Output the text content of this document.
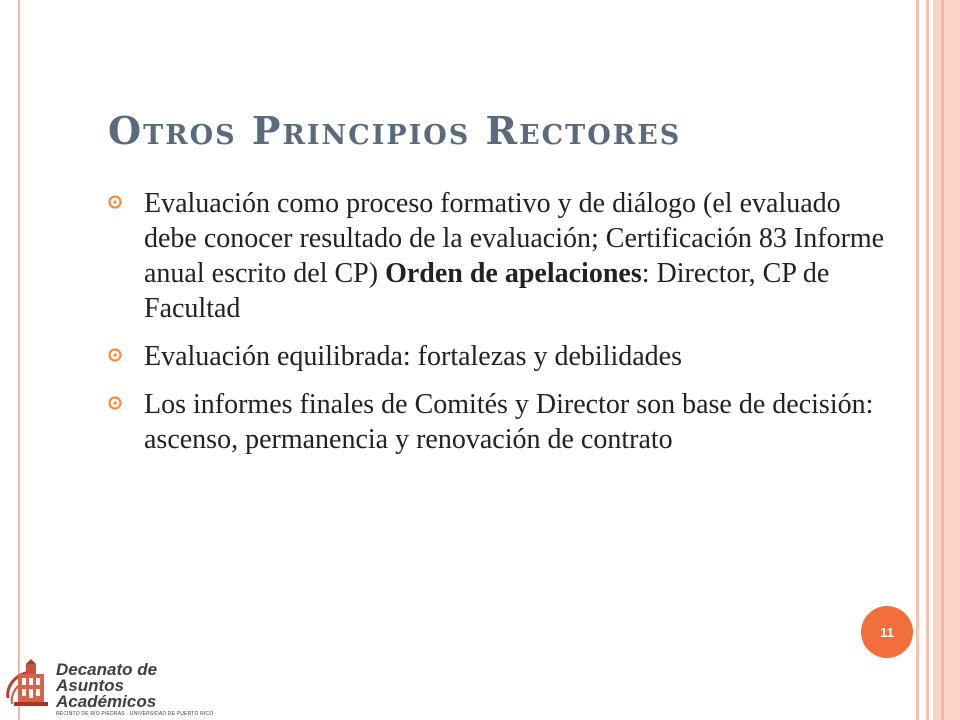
Otros Principios Rectores
Evaluación como proceso formativo y de diálogo (el evaluado debe conocer resultado de la evaluación; Certificación 83 Informe anual escrito del CP) Orden de apelaciones: Director, CP de Facultad
Evaluación equilibrada: fortalezas y debilidades
Los informes finales de Comités y Director son base de decisión: ascenso, permanencia y renovación de contrato
11
Decanato de
Asuntos Académicos
RECINTO DE RÍO PIEDRAS · UNIVERSIDAD DE PUERTO RICO
